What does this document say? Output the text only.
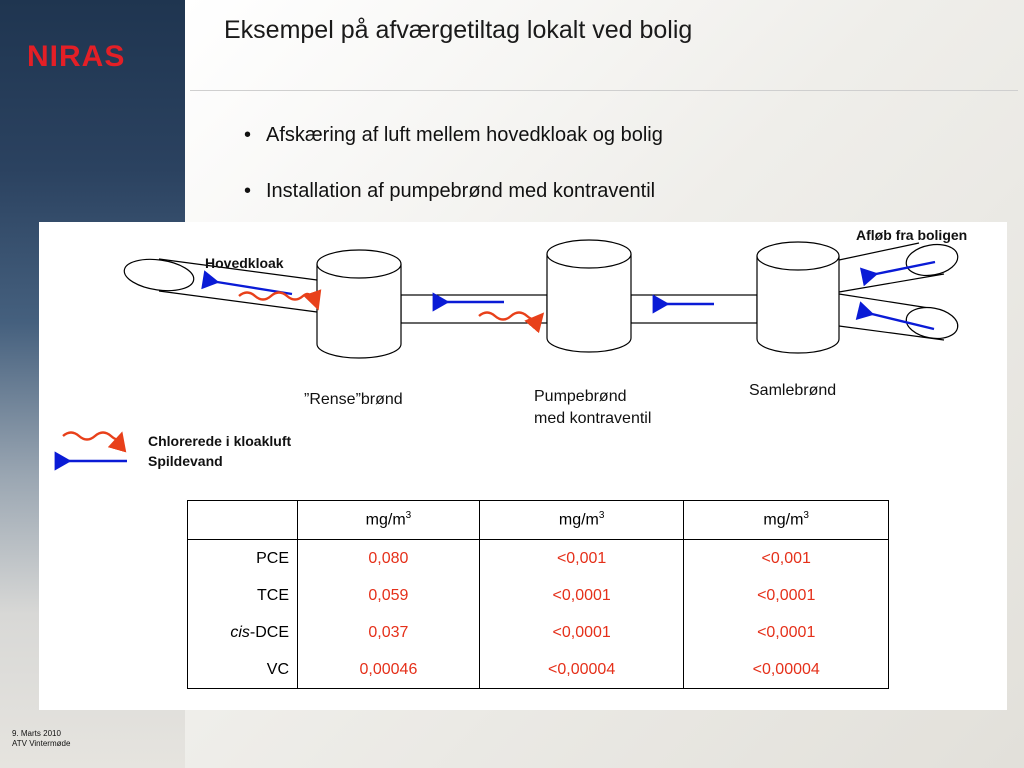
NIRAS
Eksempel på afværgetiltag lokalt ved bolig
• Afskæring af luft mellem hovedkloak og bolig
• Installation af pumpebrønd med kontraventil
Hovedkloak
Afløb fra boligen
”Rense”brønd	Pumpebrønd
med kontraventil
Samlebrønd
Chlorerede i kloakluft
Spildevand
	$mg/m^3$	$mg/m^3$	$mg/m^3$
PCE	0,080	<0,001	<0,001
TCE	0,059	<0,0001	<0,0001
cis-DCE	0,037	<0,0001	<0,0001
VC	0,00046	<0,00004	<0,00004
9. Marts 2010
ATV Vintermøde
